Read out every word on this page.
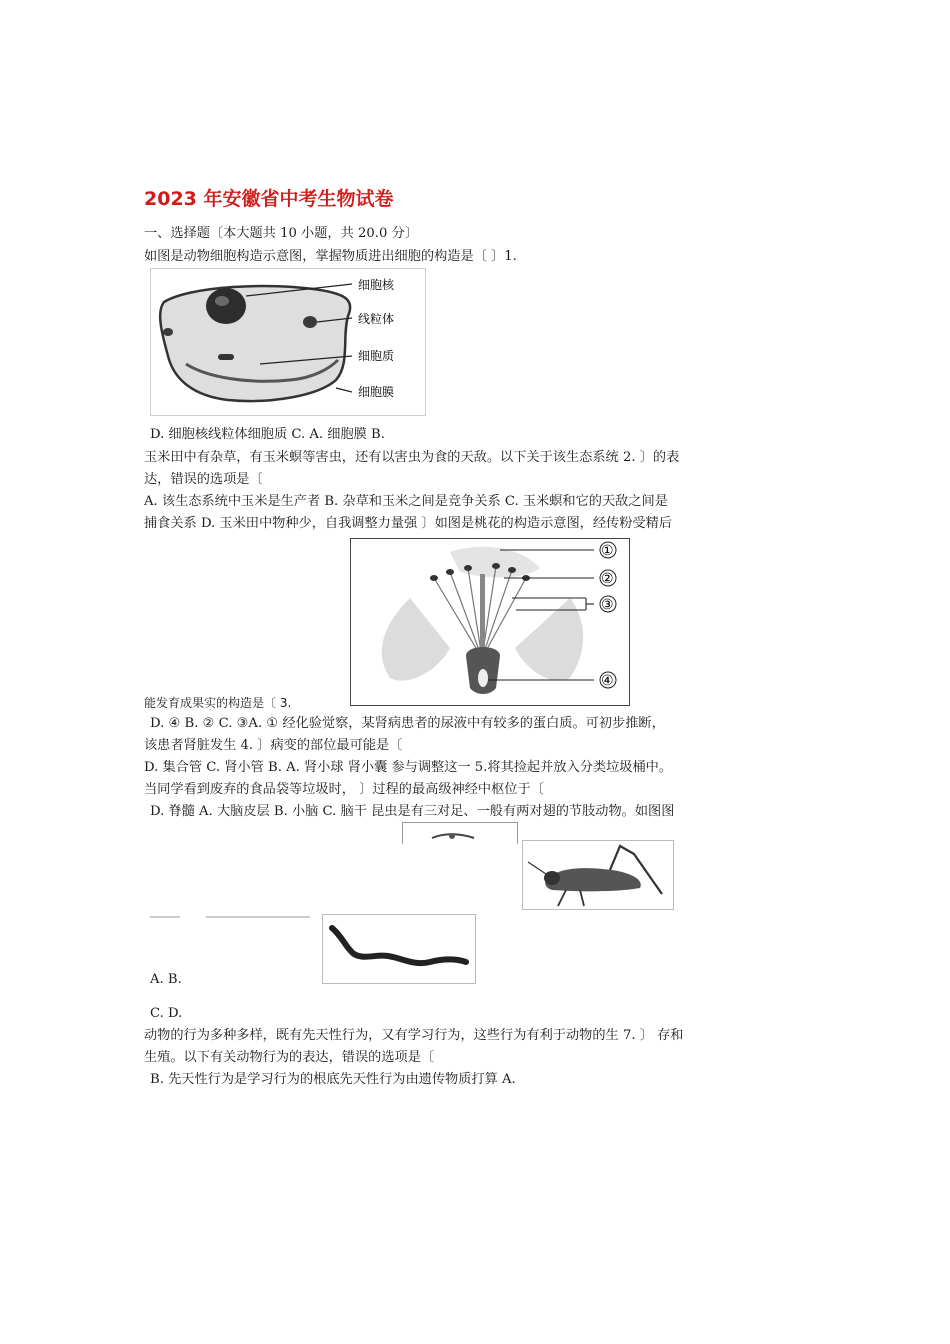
2023 年安徽省中考生物试卷
一、选择题〔本大题共 10 小题，共 20.0 分〕
如图是动物细胞构造示意图，掌握物质进出细胞的构造是〔 〕1.
细胞核
线粒体
细胞质
细胞膜
D. 细胞核线粒体细胞质 C. A. 细胞膜 B.
玉米田中有杂草，有玉米螟等害虫，还有以害虫为食的天敌。以下关于该生态系统 2. 〕的表
达，错误的选项是〔
A. 该生态系统中玉米是生产者 B. 杂草和玉米之间是竞争关系 C. 玉米螟和它的天敌之间是
捕食关系 D. 玉米田中物种少，自我调整力量强 〕如图是桃花的构造示意图，经传粉受精后
①
②
③
④
能发育成果实的构造是〔 3.
D. ④ B. ② C. ③A. ① 经化验觉察，某肾病患者的尿液中有较多的蛋白质。可初步推断，
该患者肾脏发生 4. 〕病变的部位最可能是〔
D. 集合管 C. 肾小管 B. A. 肾小球 肾小囊 参与调整这一 5.将其捡起并放入分类垃圾桶中。
当同学看到废弃的食品袋等垃圾时， 〕过程的最高级神经中枢位于〔
D. 脊髓 A. 大脑皮层 B. 小脑 C. 脑干 昆虫是有三对足、一般有两对翅的节肢动物。如图图
A. B.
C. D.
动物的行为多种多样，既有先天性行为，又有学习行为，这些行为有利于动物的生 7. 〕 存和
生殖。以下有关动物行为的表达，错误的选项是〔
B. 先天性行为是学习行为的根底先天性行为由遗传物质打算 A.
